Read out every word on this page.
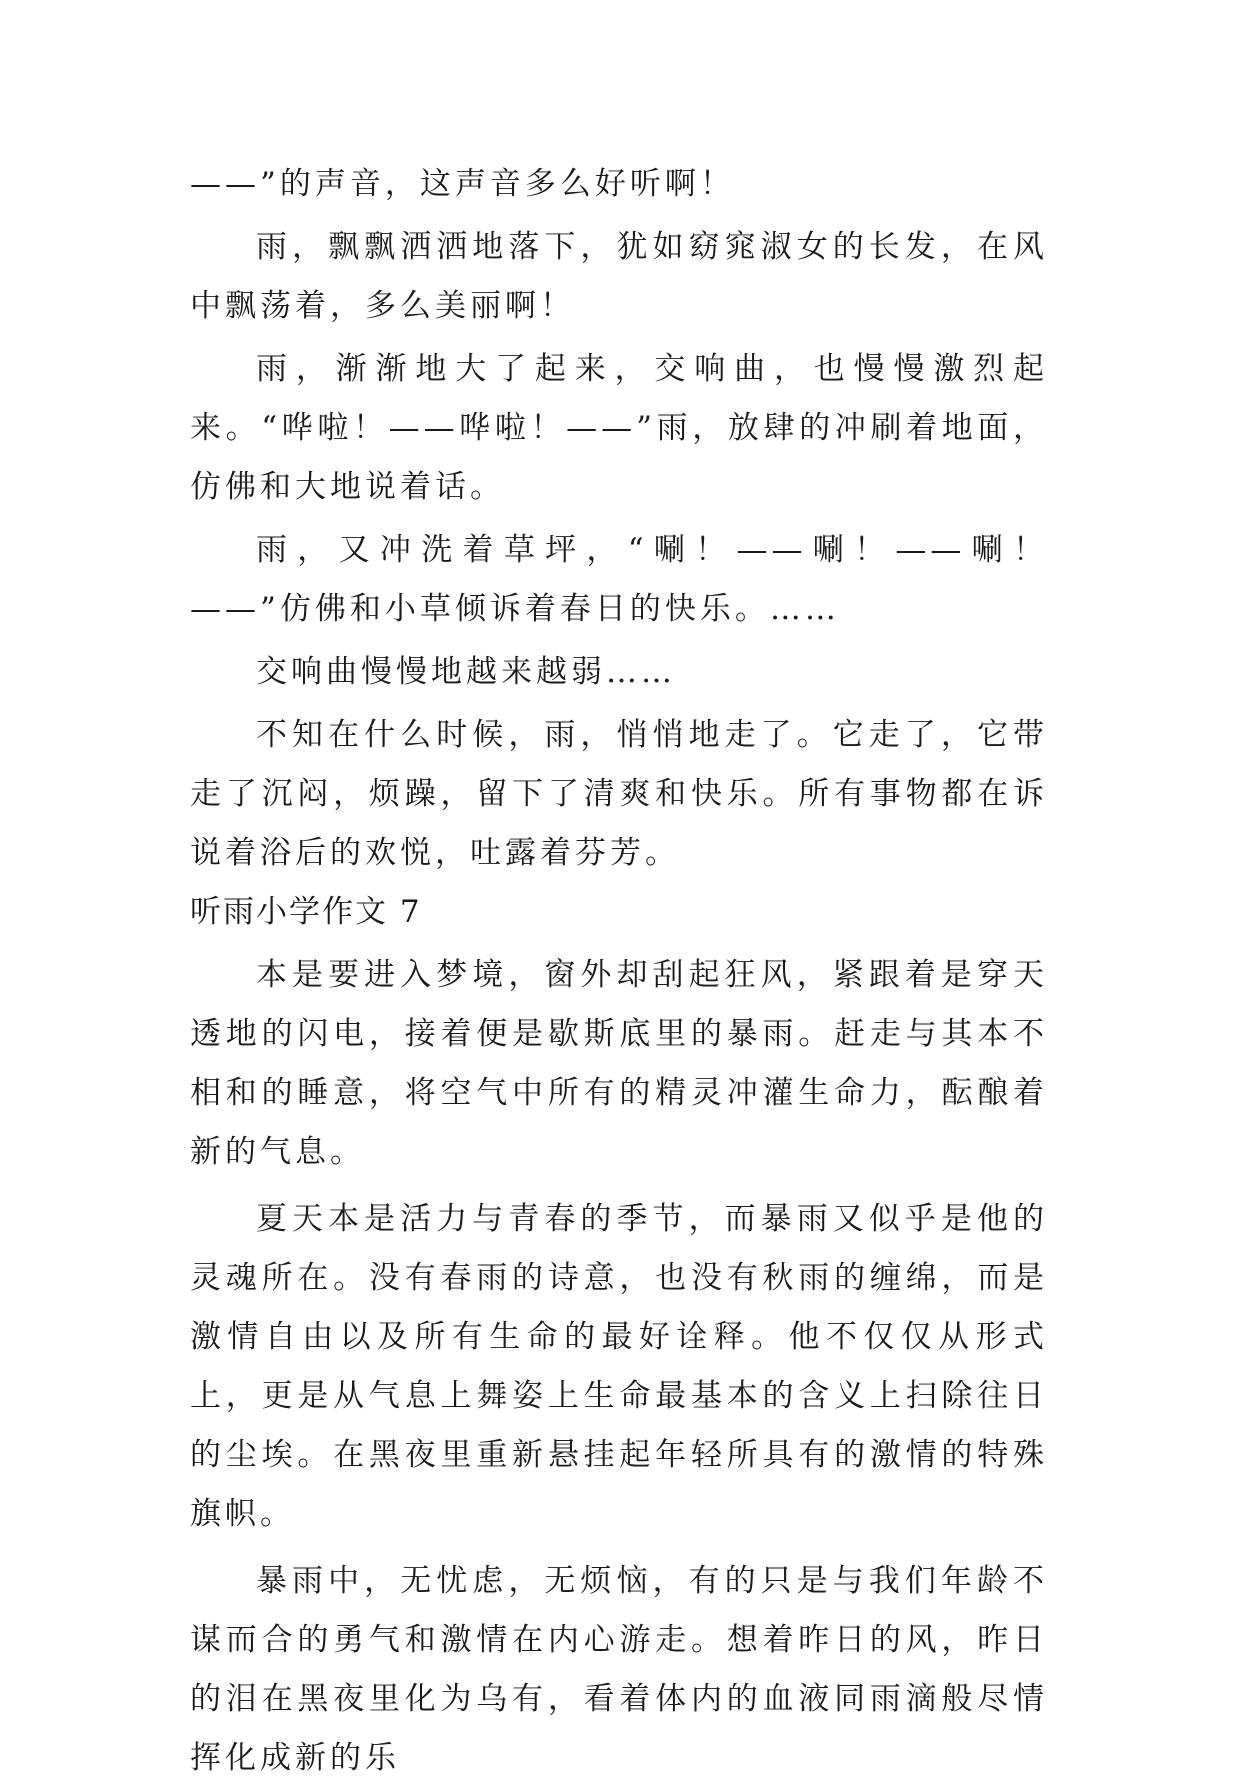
——”的声音，这声音多么好听啊！

雨，飘飘洒洒地落下，犹如窈窕淑女的长发，在风中飘荡着，多么美丽啊！

雨，渐渐地大了起来，交响曲，也慢慢激烈起来。“哗啦！——哗啦！——”雨，放肆的冲刷着地面，仿佛和大地说着话。

雨，又冲洗着草坪，“唰！——唰！——唰！——”仿佛和小草倾诉着春日的快乐。……

交响曲慢慢地越来越弱……

不知在什么时候，雨，悄悄地走了。它走了，它带走了沉闷，烦躁，留下了清爽和快乐。所有事物都在诉说着浴后的欢悦，吐露着芬芳。

听雨小学作文 7

本是要进入梦境，窗外却刮起狂风，紧跟着是穿天透地的闪电，接着便是歇斯底里的暴雨。赶走与其本不相和的睡意，将空气中所有的精灵冲灌生命力，酝酿着新的气息。

夏天本是活力与青春的季节，而暴雨又似乎是他的灵魂所在。没有春雨的诗意，也没有秋雨的缠绵，而是激情自由以及所有生命的最好诠释。他不仅仅从形式上，更是从气息上舞姿上生命最基本的含义上扫除往日的尘埃。在黑夜里重新悬挂起年轻所具有的激情的特殊旗帜。

暴雨中，无忧虑，无烦恼，有的只是与我们年龄不谋而合的勇气和激情在内心游走。想着昨日的风，昨日的泪在黑夜里化为乌有，看着体内的血液同雨滴般尽情挥化成新的乐
